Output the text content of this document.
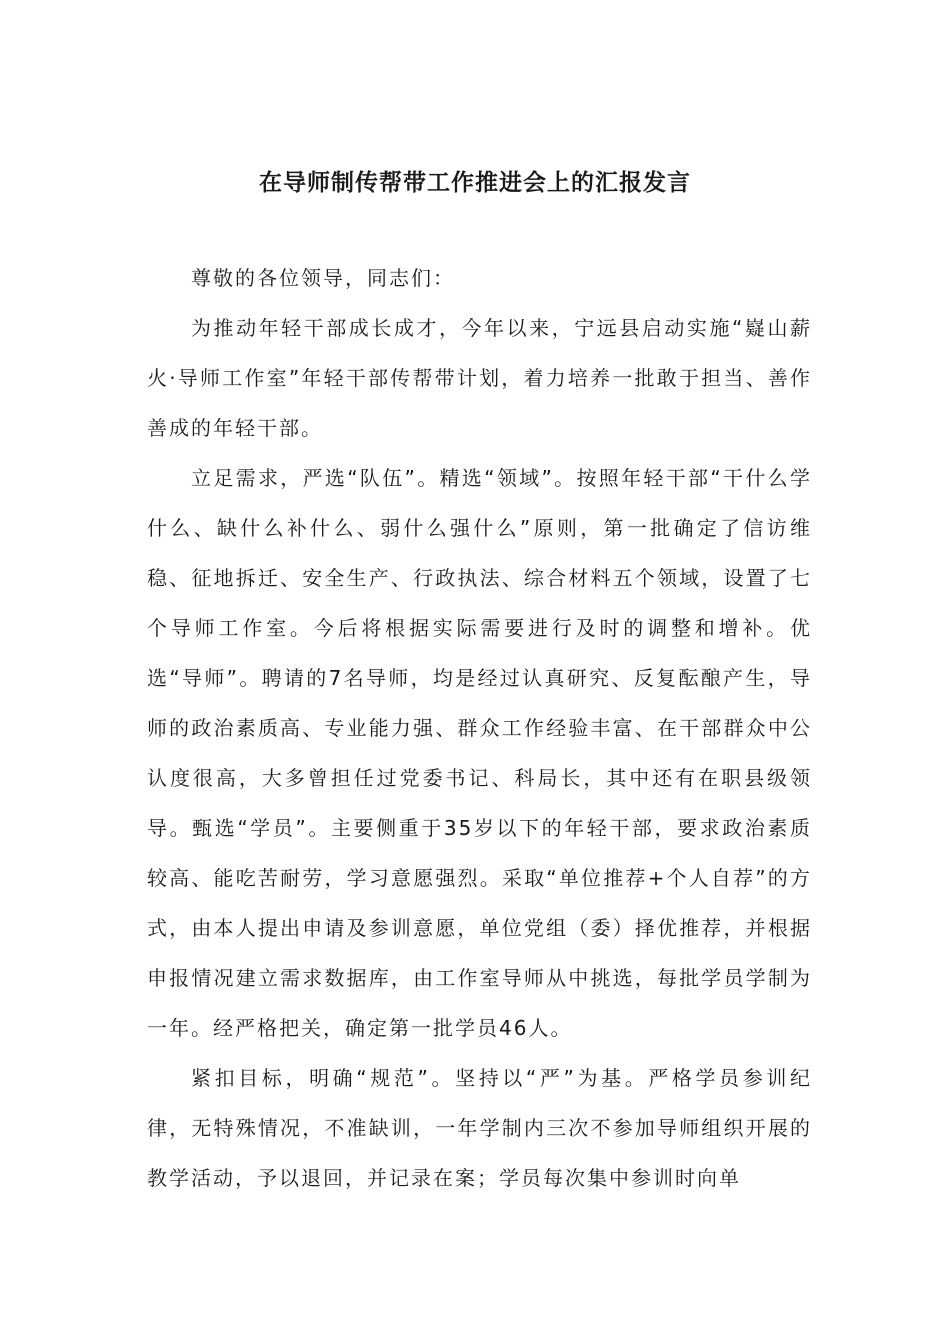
在导师制传帮带工作推进会上的汇报发言

尊敬的各位领导，同志们：

为推动年轻干部成长成才，今年以来，宁远县启动实施“嶷山薪火·导师工作室”年轻干部传帮带计划，着力培养一批敢于担当、善作善成的年轻干部。

立足需求，严选“队伍”。精选“领域”。按照年轻干部“干什么学什么、缺什么补什么、弱什么强什么”原则，第一批确定了信访维稳、征地拆迁、安全生产、行政执法、综合材料五个领域，设置了七个导师工作室。今后将根据实际需要进行及时的调整和增补。优选“导师”。聘请的7名导师，均是经过认真研究、反复酝酿产生，导师的政治素质高、专业能力强、群众工作经验丰富、在干部群众中公认度很高，大多曾担任过党委书记、科局长，其中还有在职县级领导。甄选“学员”。主要侧重于35岁以下的年轻干部，要求政治素质较高、能吃苦耐劳，学习意愿强烈。采取“单位推荐+个人自荐”的方式，由本人提出申请及参训意愿，单位党组（委）择优推荐，并根据申报情况建立需求数据库，由工作室导师从中挑选，每批学员学制为一年。经严格把关，确定第一批学员46人。

紧扣目标，明确“规范”。坚持以“严”为基。严格学员参训纪律，无特殊情况，不准缺训，一年学制内三次不参加导师组织开展的教学活动，予以退回，并记录在案；学员每次集中参训时向单
